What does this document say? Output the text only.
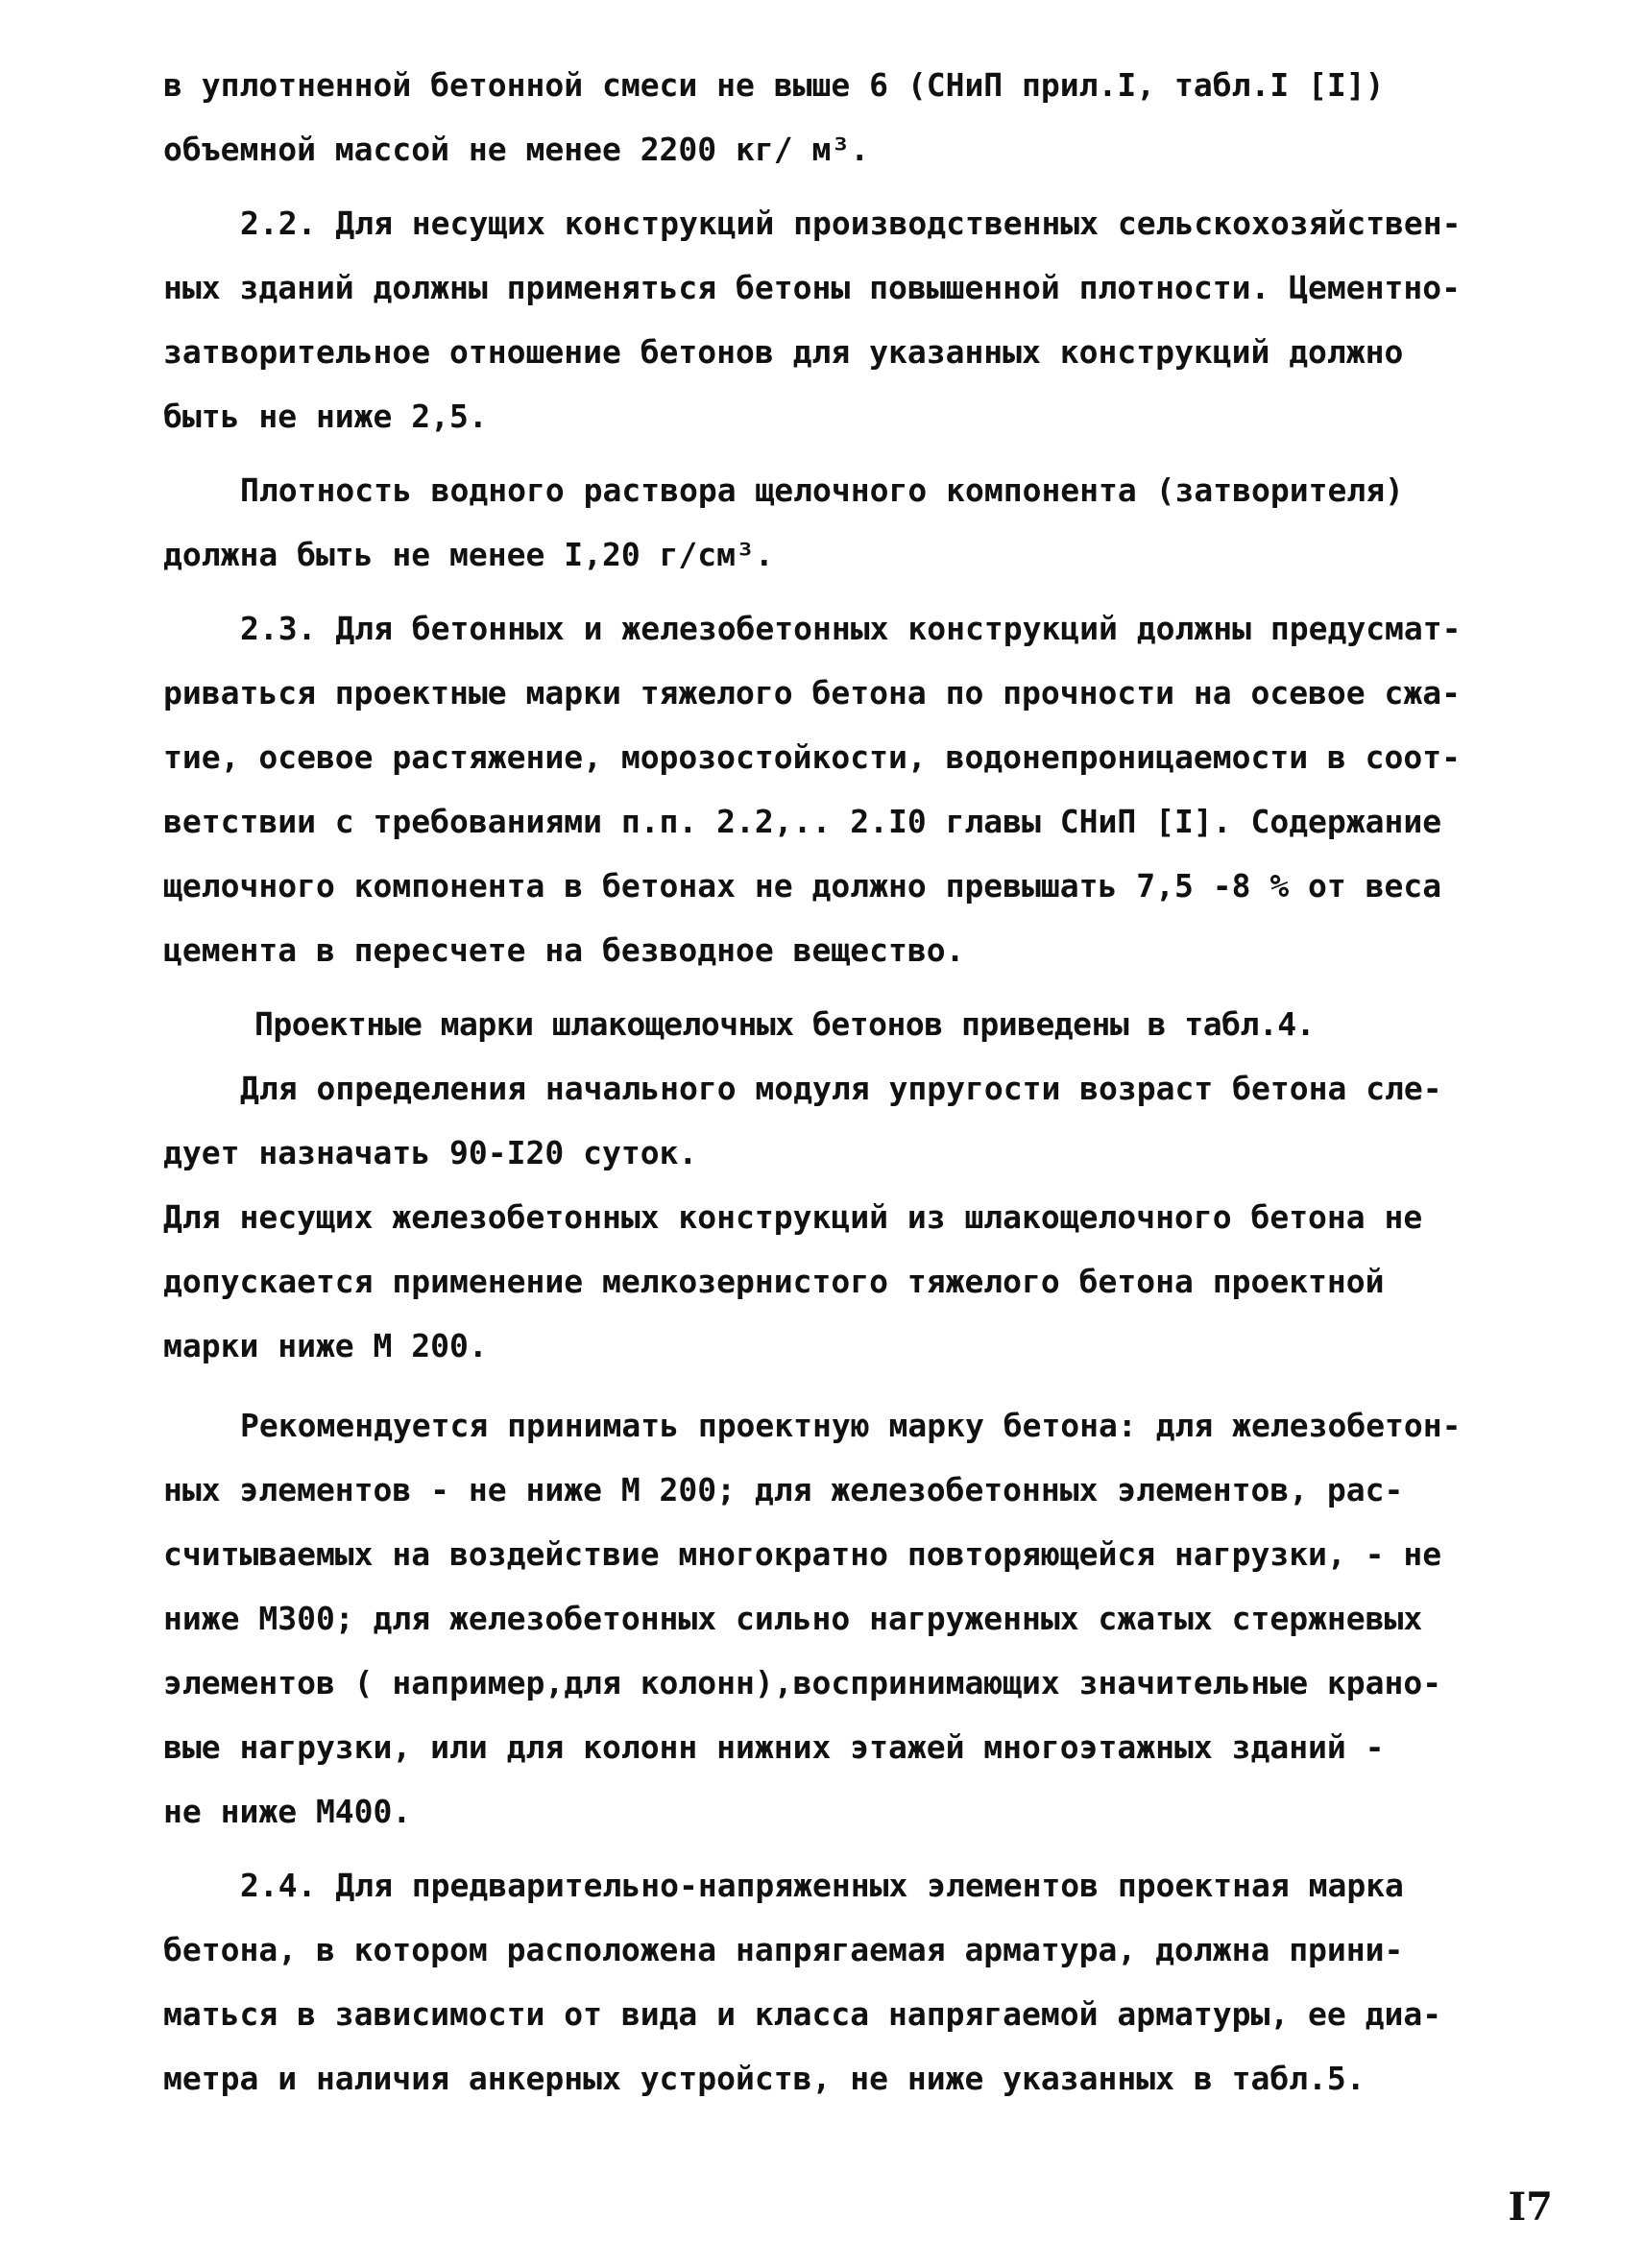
в уплотненной бетонной смеси не выше 6 (СНиП прил.I, табл.I [I])
объемной массой не менее 2200 кг/ м³.
2.2. Для несущих конструкций производственных сельскохозяйствен-
ных зданий должны применяться бетоны повышенной плотности. Цементно-
затворительное отношение бетонов для указанных конструкций должно
быть не ниже 2,5.
Плотность водного раствора щелочного компонента (затворителя)
должна быть не менее I,20 г/см³.
2.3. Для бетонных и железобетонных конструкций должны предусмат-
риваться проектные марки тяжелого бетона по прочности на осевое сжа-
тие, осевое растяжение, морозостойкости, водонепроницаемости в соот-
ветствии с требованиями п.п. 2.2,.. 2.I0 главы СНиП [I]. Содержание
щелочного компонента в бетонах не должно превышать 7,5 -8 % от веса
цемента в пересчете на безводное вещество.
Проектные марки шлакощелочных бетонов приведены в табл.4.
Для определения начального модуля упругости возраст бетона сле-
дует назначать 90-I20 суток.
Для несущих железобетонных конструкций из шлакощелочного бетона не
допускается применение мелкозернистого тяжелого бетона проектной
марки ниже М 200.
Рекомендуется принимать проектную марку бетона: для железобетон-
ных элементов - не ниже М 200; для железобетонных элементов, рас-
считываемых на воздействие многократно повторяющейся нагрузки, - не
ниже М300; для железобетонных сильно нагруженных сжатых стержневых
элементов ( например,для колонн),воспринимающих значительные крано-
вые нагрузки, или для колонн нижних этажей многоэтажных зданий -
не ниже М400.
2.4. Для предварительно-напряженных элементов проектная марка
бетона, в котором расположена напрягаемая арматура, должна прини-
маться в зависимости от вида и класса напрягаемой арматуры, ее диа-
метра и наличия анкерных устройств, не ниже указанных в табл.5.
I7
